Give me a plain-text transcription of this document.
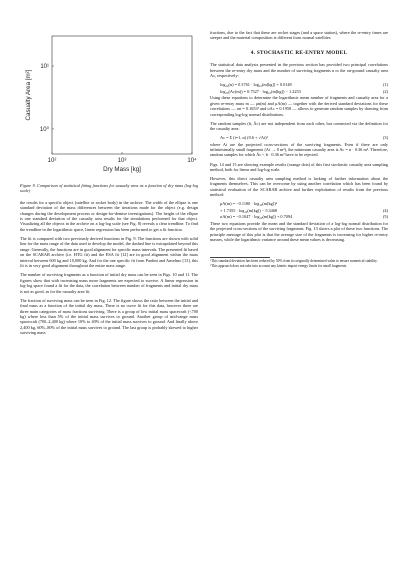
10²	10³	10⁴
10⁰
10¹
Dry Mass [kg]
Casualty Area [m²]
Figure 9. Comparison of statistical fitting functions for casualty area as a function of dry mass (log-log scale)

the results for a specific object (satellite or rocket body) in the archive. The width of the ellipse is one standard deviation of the mass differences between the iterations made for the object (e.g. design changes during the development process or design-for-demise investigations). The height of the ellipse is one standard deviation of the casualty area results for the simulations performed for that object. Visualizing all the objects in the archive on a log-log scale (see Fig. 8) reveals a clear trendline. To find the trendline in the logarithmic space, linear regression has been performed to get a fit function.

The fit is compared with two previously derived functions in Fig. 9. The functions are shown with solid line for the mass range of the data used to develop the model, the dashed line is extrapolated beyond this range. Generally, the functions are in good alignment for specific mass intervals. The presented fit based on the SCARAB archive (i.e. HTG fit) and the ESA fit [12] are in good alignment within the mass interval between 600 kg and 10,000 kg. And for the one specific fit from Pardini and Anselmo [13], this fit is in very good alignment throughout the entire mass range.

The number of surviving fragments as a function of initial dry mass can be seen in Figs. 10 and 11. The figures show that with increasing mass more fragments are expected to survive. A linear regression in log-log space found a fit for the data, the correlation between number of fragments and initial dry mass is not as good, as for the casualty area fit.

The fraction of surviving mass can be seen in Fig. 12. The figure shows the ratio between the initial and final mass as a function of the initial dry mass. There is no curve fit for this data, however there are three main categories of mass fractions surviving. There is a group of low initial mass spacecraft (<700 kg) where less than 5% of the initial mass survives to ground. Another group of mid-range mass spacecraft (700–2,400 kg) where 10% to 40% of the initial mass survives to ground. And finally above 2,400 kg, 60%–80% of the initial mass survives to ground. The last group is probably skewed to higher surviving mass

fractions, due to the fact that these are rocket stages (and a space station), where the re-entry times are steeper and the material composition is different from normal satellites.

4. STOCHASTIC RE-ENTRY MODEL

The statistical data analysis presented in the previous section has provided two principal correlations between the re-entry dry mass and the number of surviving fragments n or the on-ground casualty area Ac, respectively:

log₁₀(n) = 0.3761 · log₁₀(m[kg]) + 0.0148	(1)
log₁₀(Ac(m)) = 0.7527 · log₁₀(m[kg]) − 1.2253	(2)

Using these equations to determine the logarithmic mean number of fragments and casualty area for a given re-entry mass m — μn(m) and μA(m) — together with the derived standard deviations for these correlations — σn = 0.1653¹ and σAc = 0.1958 — allows to generate random samples by drawing from corresponding log-log normal distributions.

The random samples (ñ, Ãc) are not independent from each other, but connected via the definition for the casualty area:

Ac = Σ (i=1..n) (0.6 + √Ai)²	(3)

where Ai are the projected cross-sections of the surviving fragments. Even if there are only infinitesimally small fragments (Ai → 0 m²), the minimum casualty area is Ac = n · 0.36 m². Therefore, random samples for which Ãc < ñ · 0.36 m² have to be rejected.

Figs. 14 and 15 are showing example results (orange dots) of this first stochastic casualty area sampling method, both for linear and log-log scale.

However, this direct casualty area sampling method is lacking of further information about the fragments themselves. This can be overcome by using another correlation which has been found by statistical evaluation of the SCARAB archive and further exploitation of results from the previous method:

μA(m) = −0.1180 · log₁₀(m[kg])²
+ 1.7355 · log₁₀(m[kg]) − 5.3468	(4)
σA(m) = −0.1047 · log₁₀(m[kg]) + 0.7094	(5)

These two equations provide the mean and the standard deviation of a log-log normal distribution for the projected cross-sections of the surviving fragments. Fig. 13 shows a plot of these two functions. The principle message of this plot is that the average size of the fragments is increasing for higher re-entry masses, while the logarithmic variance around these mean values is decreasing.

¹This standard deviation has been reduced by 50% from its originally determined value to ensure numerical stability.
²This approach does not take into account any kinetic impact energy limits for small fragments.
